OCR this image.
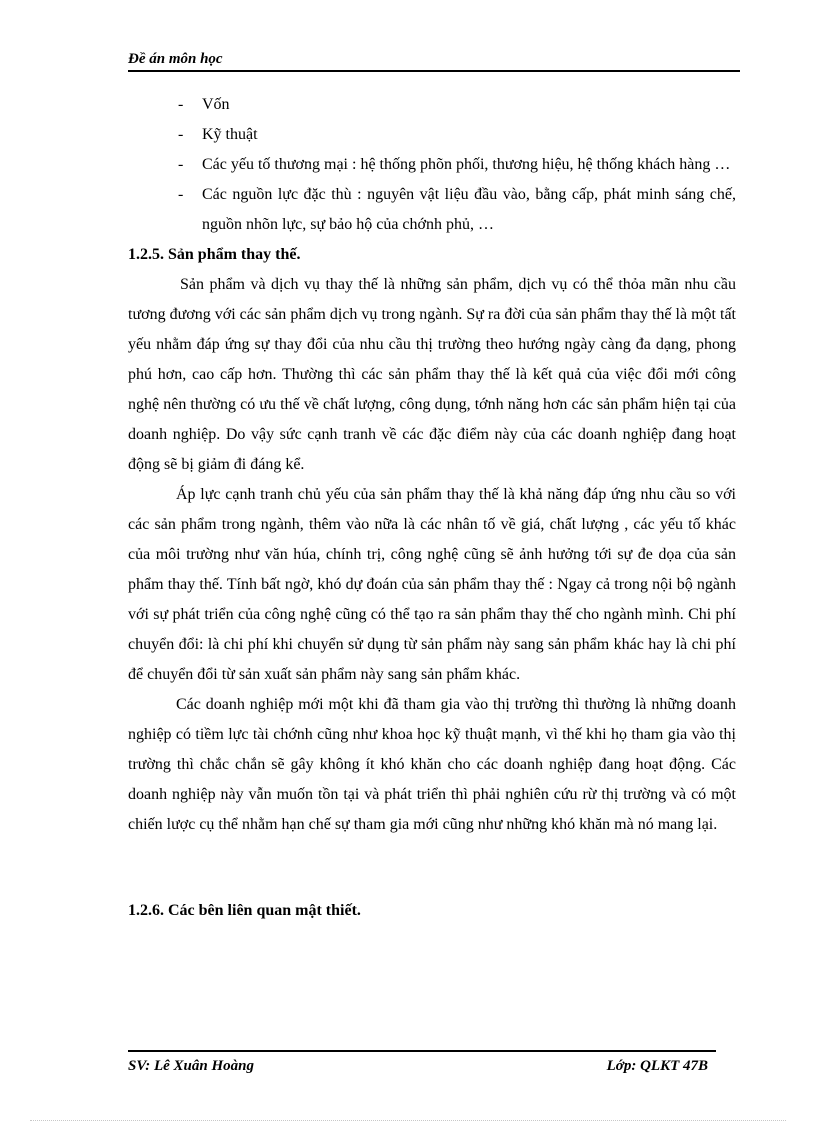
Đề án môn học
- Vốn
- Kỹ thuật
- Các yếu tố thương mại : hệ thống phõn phối, thương hiệu, hệ thống khách hàng …
- Các nguồn lực đặc thù : nguyên vật liệu đầu vào, bằng cấp, phát minh sáng chế, nguồn nhõn lực, sự bảo hộ của chớnh phủ, …

1.2.5. Sản phẩm thay thế.

Sản phẩm và dịch vụ thay thế là những sản phẩm, dịch vụ có thể thỏa mãn nhu cầu tương đương với các sản phẩm dịch vụ trong ngành. Sự ra đời của sản phẩm thay thế là một tất yếu nhằm đáp ứng sự thay đổi của nhu cầu thị trường theo hướng ngày càng đa dạng, phong phú hơn, cao cấp hơn. Thường thì các sản phẩm thay thế là kết quả của việc đổi mới công nghệ nên thường có ưu thế về chất lượng, công dụng, tớnh năng hơn các sản phẩm hiện tại của doanh nghiệp. Do vậy sức cạnh tranh về các đặc điểm này của các doanh nghiệp đang hoạt động sẽ bị giảm đi đáng kể.

Áp lực cạnh tranh chủ yếu của sản phẩm thay thế là khả năng đáp ứng nhu cầu so với các sản phẩm trong ngành, thêm vào nữa là các nhân tố về giá, chất lượng , các yếu tố khác của môi trường như văn húa, chính trị, công nghệ cũng sẽ ảnh hưởng tới sự đe dọa của sản phẩm thay thế. Tính bất ngờ, khó dự đoán của sản phẩm thay thế : Ngay cả trong nội bộ ngành với sự phát triển của công nghệ cũng có thể tạo ra sản phẩm thay thế cho ngành mình. Chi phí chuyển đổi: là chi phí khi chuyển sử dụng từ sản phẩm này sang sản phẩm khác hay là chi phí để chuyển đổi từ sản xuất sản phẩm này sang sản phẩm khác.

Các doanh nghiệp mới một khi đã tham gia vào thị trường thì thường là những doanh nghiệp có tiềm lực tài chớnh cũng như khoa học kỹ thuật mạnh, vì thế khi họ tham gia vào thị trường thì chắc chắn sẽ gây không ít khó khăn cho các doanh nghiệp đang hoạt động. Các doanh nghiệp này vẫn muốn tồn tại và phát triển thì phải nghiên cứu rừ thị trường và có một chiến lược cụ thể nhằm hạn chế sự tham gia mới cũng như những khó khăn mà nó mang lại.

1.2.6. Các bên liên quan mật thiết.

SV: Lê Xuân Hoàng	Lớp: QLKT 47B
